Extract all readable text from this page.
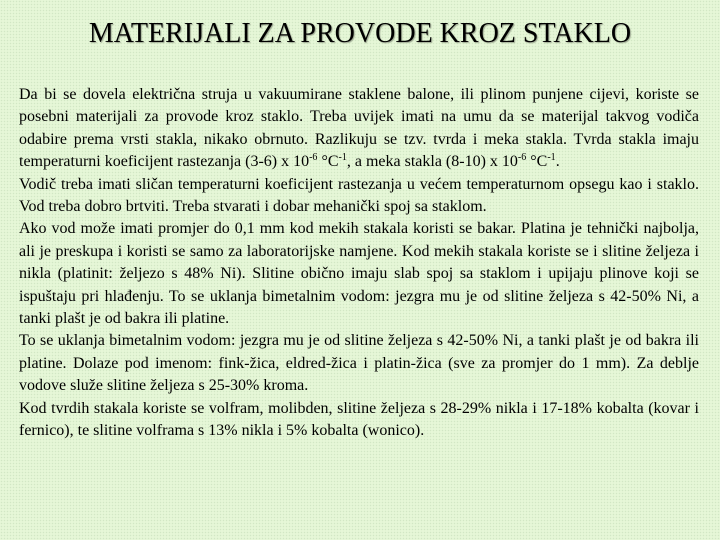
MATERIJALI ZA PROVODE KROZ STAKLO

Da bi se dovela električna struja u vakuumirane staklene balone, ili plinom punjene cijevi, koriste se posebni materijali za provode kroz staklo. Treba uvijek imati na umu da se materijal takvog vodiča odabire prema vrsti stakla, nikako obrnuto. Razlikuju se tzv. tvrda i meka stakla. Tvrda stakla imaju temperaturni koeficijent rastezanja (3-6) x $10^{-6}$ $^\circ C^{-1}$, a meka stakla (8-10) x $10^{-6}$ $^\circ C^{-1}$.

Vodič treba imati sličan temperaturni koeficijent rastezanja u većem temperaturnom opsegu kao i staklo. Vod treba dobro brtviti. Treba stvarati i dobar mehanički spoj sa staklom.

Ako vod može imati promjer do 0,1 mm kod mekih stakala koristi se bakar. Platina je tehnički najbolja, ali je preskupa i koristi se samo za laboratorijske namjene. Kod mekih stakala koriste se i slitine željeza i nikla (platinit: željezo s 48% Ni). Slitine obično imaju slab spoj sa staklom i upijaju plinove koji se ispuštaju pri hlađenju. To se uklanja bimetalnim vodom: jezgra mu je od slitine željeza s 42-50% Ni, a tanki plašt je od bakra ili platine.

To se uklanja bimetalnim vodom: jezgra mu je od slitine željeza s 42-50% Ni, a tanki plašt je od bakra ili platine. Dolaze pod imenom: fink-žica, eldred-žica i platin-žica (sve za promjer do 1 mm). Za deblje vodove služe slitine željeza s 25-30% kroma.

Kod tvrdih stakala koriste se volfram, molibden, slitine željeza s 28-29% nikla i 17-18% kobalta (kovar i fernico), te slitine volframa s 13% nikla i 5% kobalta (wonico).
